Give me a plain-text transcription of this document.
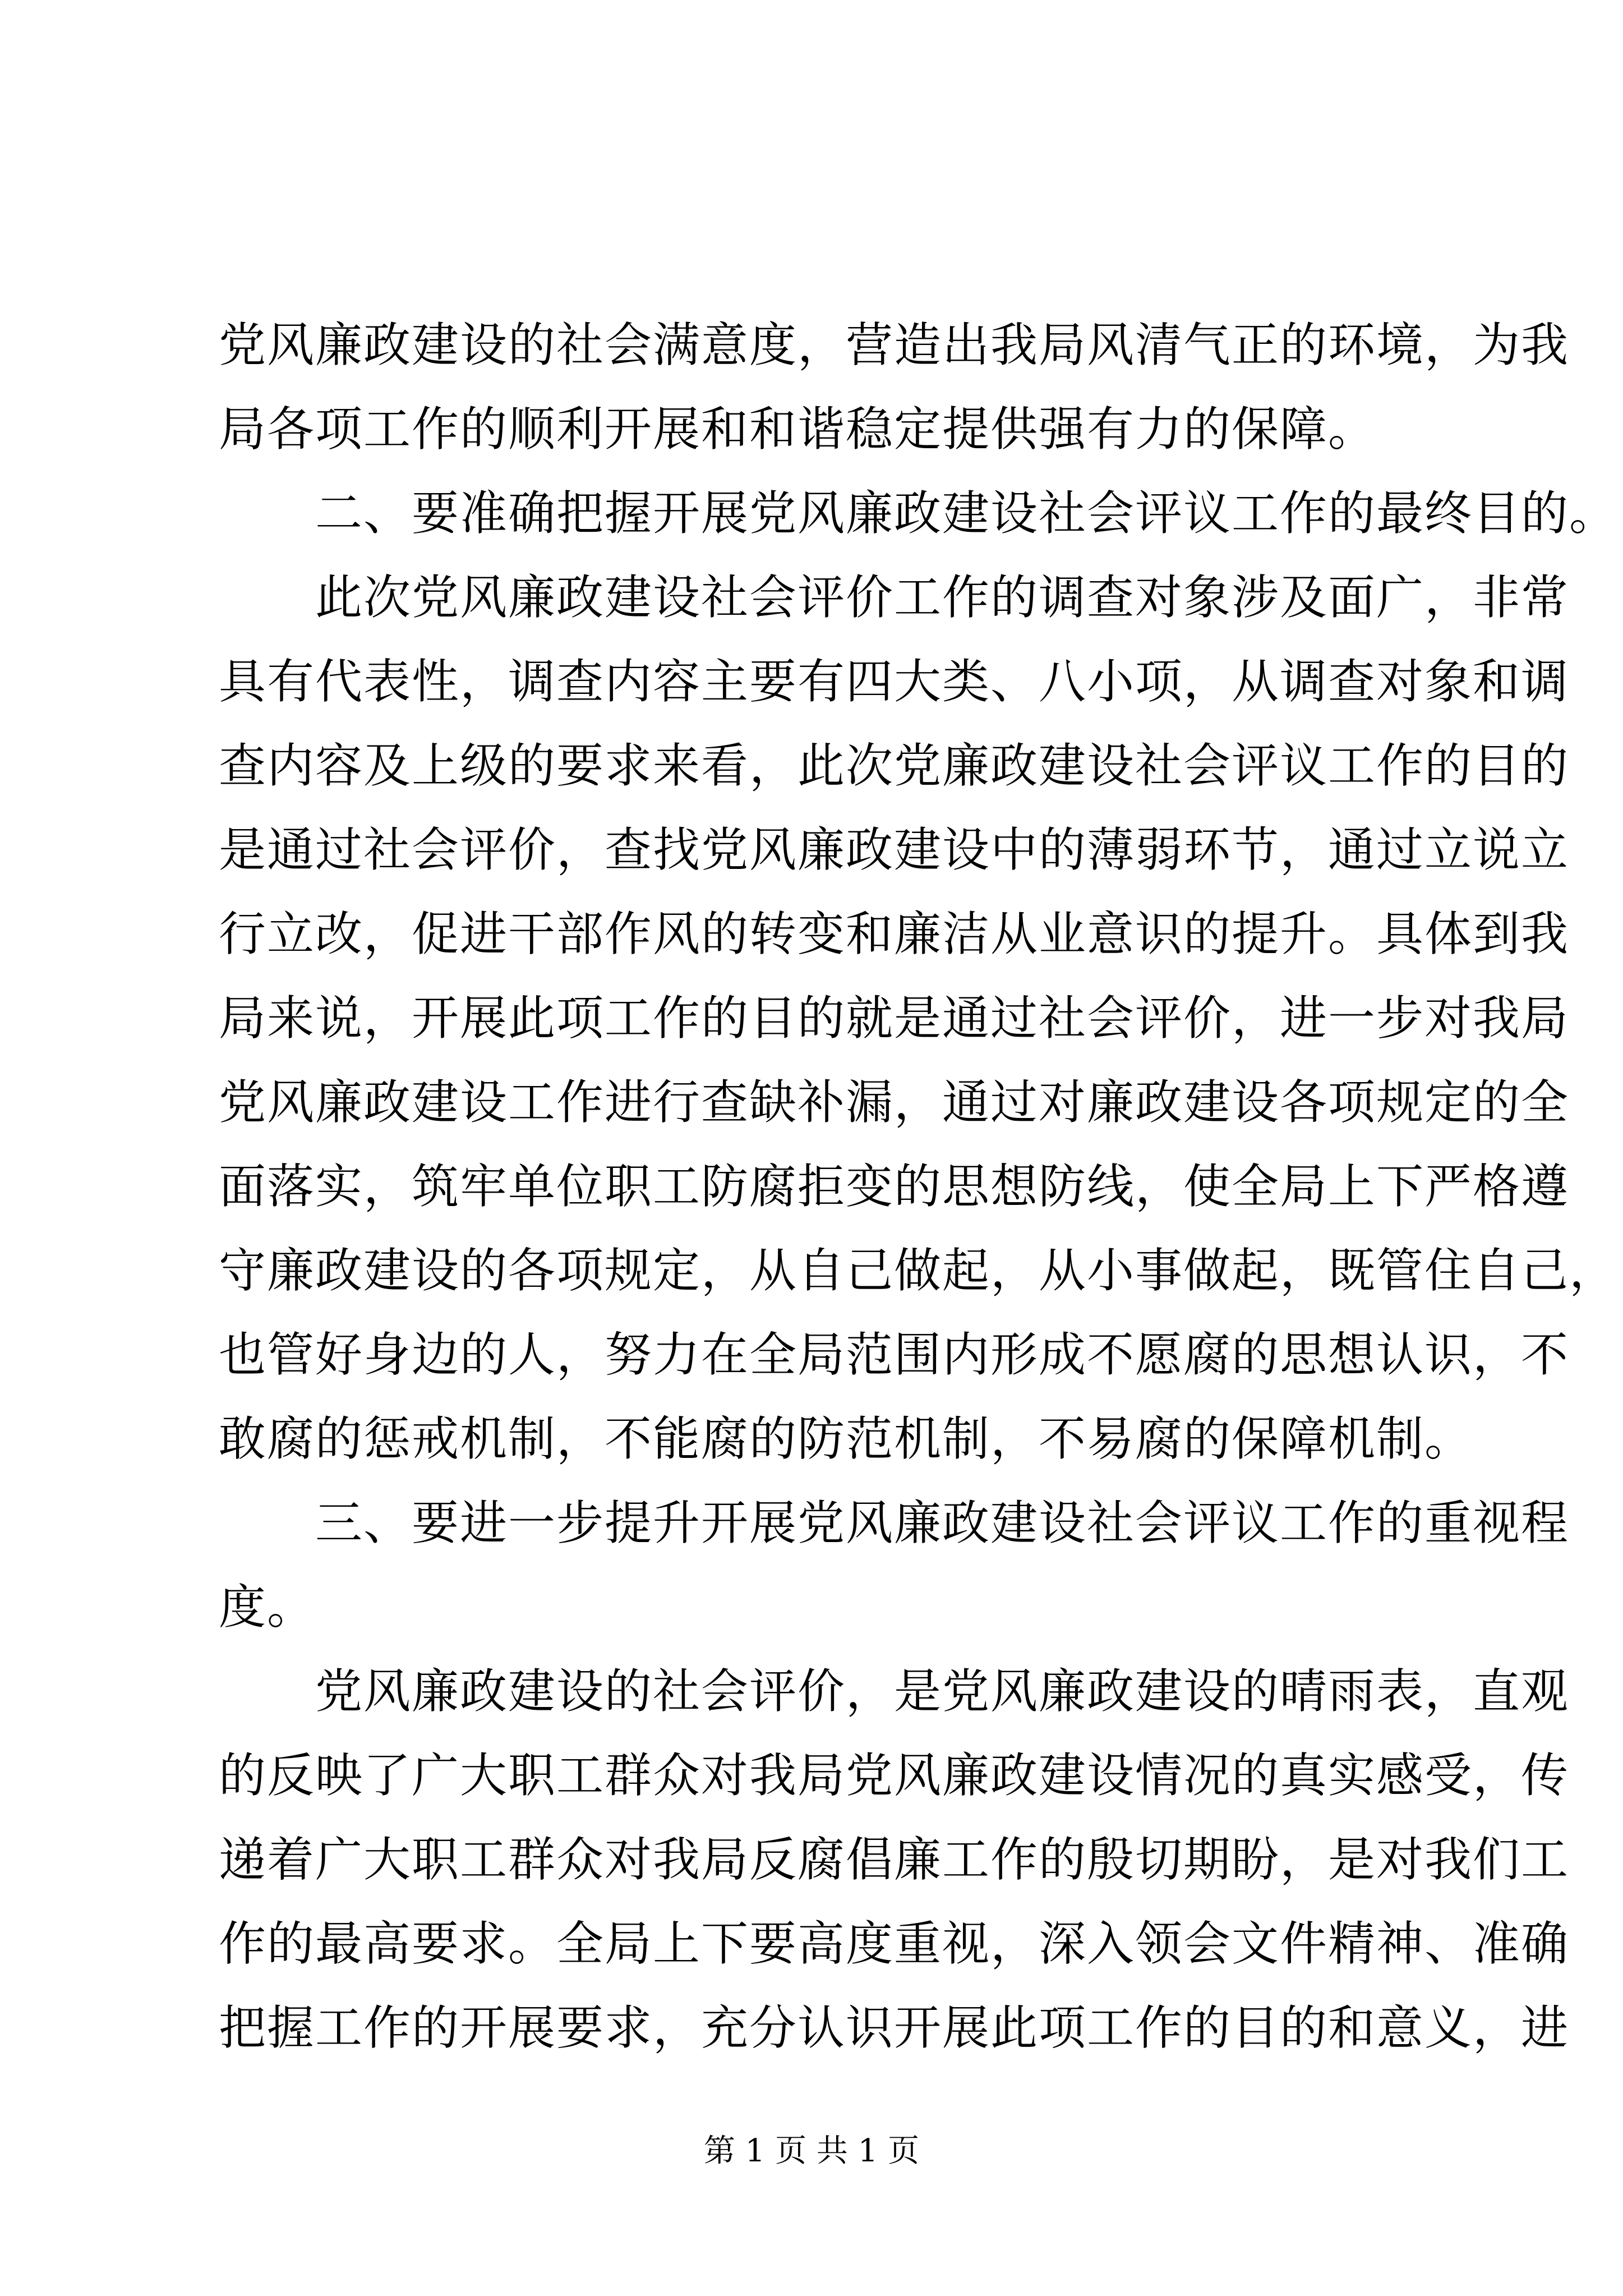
党风廉政建设的社会满意度，营造出我局风清气正的环境，为我
局各项工作的顺利开展和和谐稳定提供强有力的保障。
　　二、要准确把握开展党风廉政建设社会评议工作的最终目的。
　　此次党风廉政建设社会评价工作的调查对象涉及面广，非常
具有代表性，调查内容主要有四大类、八小项，从调查对象和调
查内容及上级的要求来看，此次党廉政建设社会评议工作的目的
是通过社会评价，查找党风廉政建设中的薄弱环节，通过立说立
行立改，促进干部作风的转变和廉洁从业意识的提升。具体到我
局来说，开展此项工作的目的就是通过社会评价，进一步对我局
党风廉政建设工作进行查缺补漏，通过对廉政建设各项规定的全
面落实，筑牢单位职工防腐拒变的思想防线，使全局上下严格遵
守廉政建设的各项规定，从自己做起，从小事做起，既管住自己，
也管好身边的人，努力在全局范围内形成不愿腐的思想认识，不
敢腐的惩戒机制，不能腐的防范机制，不易腐的保障机制。
　　三、要进一步提升开展党风廉政建设社会评议工作的重视程
度。
　　党风廉政建设的社会评价，是党风廉政建设的晴雨表，直观
的反映了广大职工群众对我局党风廉政建设情况的真实感受，传
递着广大职工群众对我局反腐倡廉工作的殷切期盼，是对我们工
作的最高要求。全局上下要高度重视，深入领会文件精神、准确
把握工作的开展要求，充分认识开展此项工作的目的和意义，进
第 1 页 共 1 页
